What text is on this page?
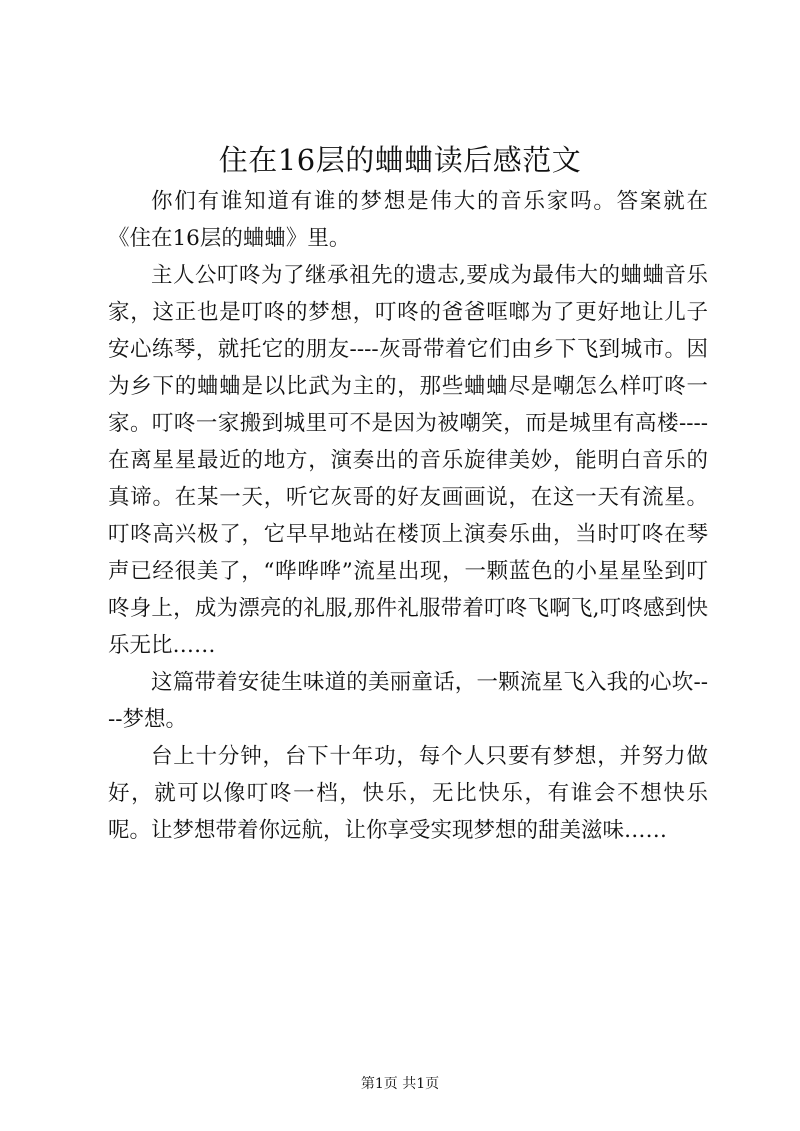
住在16层的蛐蛐读后感范文

你们有谁知道有谁的梦想是伟大的音乐家吗。答案就在《住在16层的蛐蛐》里。

主人公叮咚为了继承祖先的遗志,要成为最伟大的蛐蛐音乐家，这正也是叮咚的梦想，叮咚的爸爸哐啷为了更好地让儿子安心练琴，就托它的朋友----灰哥带着它们由乡下飞到城市。因为乡下的蛐蛐是以比武为主的，那些蛐蛐尽是嘲怎么样叮咚一家。叮咚一家搬到城里可不是因为被嘲笑，而是城里有高楼----在离星星最近的地方，演奏出的音乐旋律美妙，能明白音乐的真谛。在某一天，听它灰哥的好友画画说，在这一天有流星。叮咚高兴极了，它早早地站在楼顶上演奏乐曲，当时叮咚在琴声已经很美了，“哗哗哗”流星出现，一颗蓝色的小星星坠到叮咚身上，成为漂亮的礼服,那件礼服带着叮咚飞啊飞,叮咚感到快乐无比……

这篇带着安徒生味道的美丽童话，一颗流星飞入我的心坎----梦想。

台上十分钟，台下十年功，每个人只要有梦想，并努力做好，就可以像叮咚一档，快乐，无比快乐，有谁会不想快乐呢。让梦想带着你远航，让你享受实现梦想的甜美滋味……

第1页 共1页
